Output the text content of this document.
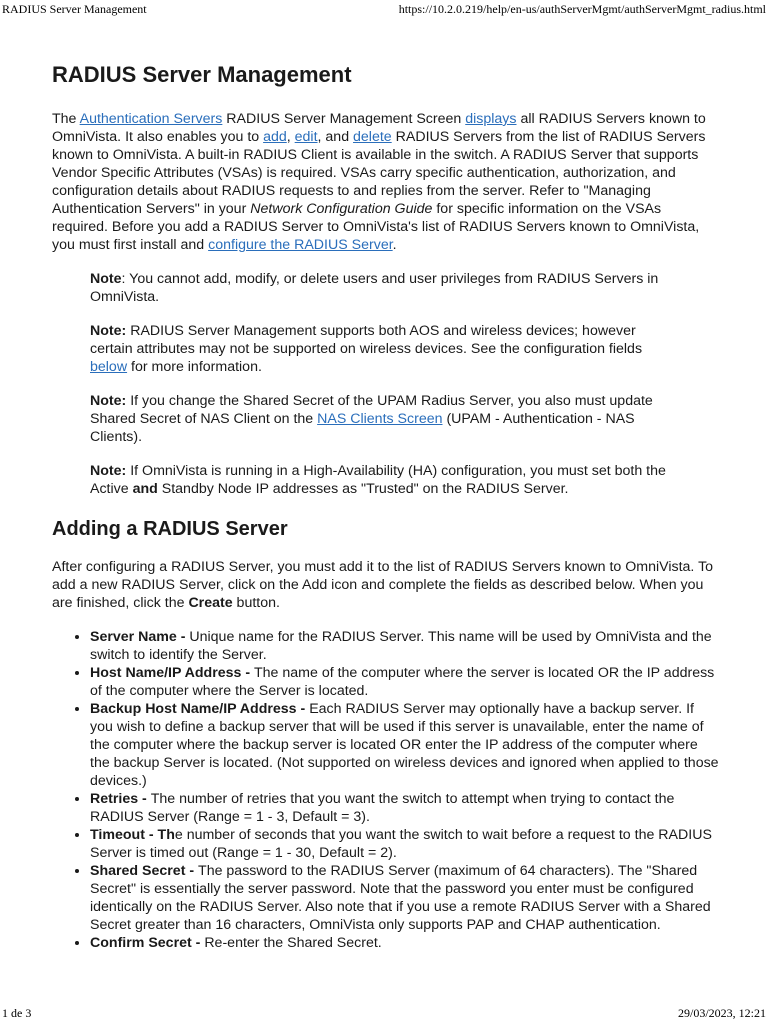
RADIUS Server Management	https://10.2.0.219/help/en-us/authServerMgmt/authServerMgmt_radius.html
RADIUS Server Management

The Authentication Servers RADIUS Server Management Screen displays all RADIUS Servers known to OmniVista. It also enables you to add, edit, and delete RADIUS Servers from the list of RADIUS Servers known to OmniVista. A built-in RADIUS Client is available in the switch. A RADIUS Server that supports Vendor Specific Attributes (VSAs) is required. VSAs carry specific authentication, authorization, and configuration details about RADIUS requests to and replies from the server. Refer to "Managing Authentication Servers" in your Network Configuration Guide for specific information on the VSAs required. Before you add a RADIUS Server to OmniVista's list of RADIUS Servers known to OmniVista, you must first install and configure the RADIUS Server.

Note: You cannot add, modify, or delete users and user privileges from RADIUS Servers in OmniVista.

Note: RADIUS Server Management supports both AOS and wireless devices; however certain attributes may not be supported on wireless devices. See the configuration fields below for more information.

Note: If you change the Shared Secret of the UPAM Radius Server, you also must update Shared Secret of NAS Client on the NAS Clients Screen (UPAM - Authentication - NAS Clients).

Note: If OmniVista is running in a High-Availability (HA) configuration, you must set both the Active and Standby Node IP addresses as "Trusted" on the RADIUS Server.

Adding a RADIUS Server

After configuring a RADIUS Server, you must add it to the list of RADIUS Servers known to OmniVista. To add a new RADIUS Server, click on the Add icon and complete the fields as described below. When you are finished, click the Create button.

• Server Name - Unique name for the RADIUS Server. This name will be used by OmniVista and the switch to identify the Server.
• Host Name/IP Address - The name of the computer where the server is located OR the IP address of the computer where the Server is located.
• Backup Host Name/IP Address - Each RADIUS Server may optionally have a backup server. If you wish to define a backup server that will be used if this server is unavailable, enter the name of the computer where the backup server is located OR enter the IP address of the computer where the backup Server is located. (Not supported on wireless devices and ignored when applied to those devices.)
• Retries - The number of retries that you want the switch to attempt when trying to contact the RADIUS Server (Range = 1 - 3, Default = 3).
• Timeout - The number of seconds that you want the switch to wait before a request to the RADIUS Server is timed out (Range = 1 - 30, Default = 2).
• Shared Secret - The password to the RADIUS Server (maximum of 64 characters). The "Shared Secret" is essentially the server password. Note that the password you enter must be configured identically on the RADIUS Server. Also note that if you use a remote RADIUS Server with a Shared Secret greater than 16 characters, OmniVista only supports PAP and CHAP authentication.
• Confirm Secret - Re-enter the Shared Secret.
1 de 3	29/03/2023, 12:21
